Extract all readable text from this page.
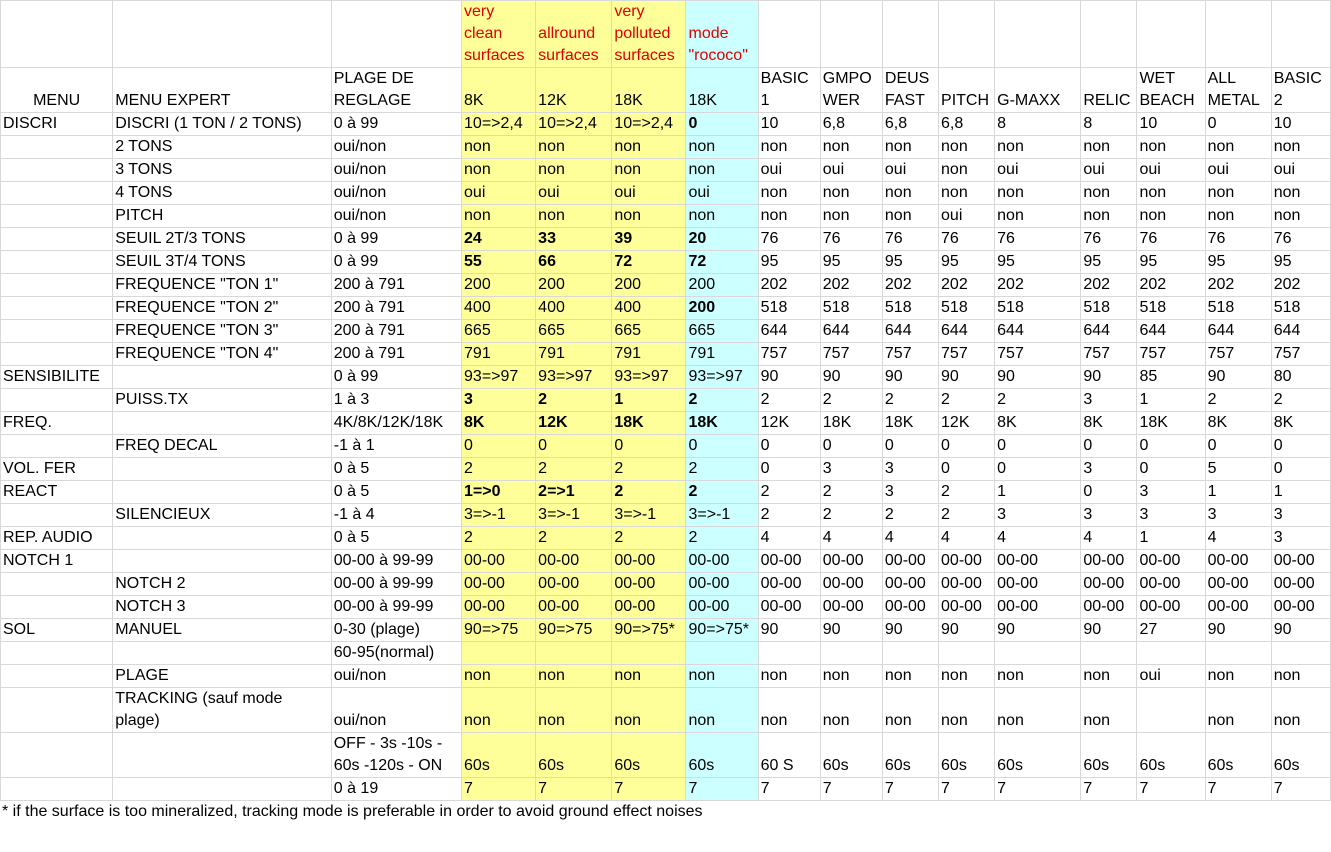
			very clean surfaces	allround surfaces	very polluted surfaces	mode "rococo"									
MENU	MENU EXPERT	PLAGE DE REGLAGE	8K	12K	18K	18K	BASIC 1	GMPO WER	DEUS FAST	PITCH	G-MAXX	RELIC	WET BEACH	ALL METAL	BASIC 2
DISCRI	DISCRI (1 TON / 2 TONS)	0 à 99	10=>2,4	10=>2,4	10=>2,4	0	10	6,8	6,8	6,8	8	8	10	0	10
	2 TONS	oui/non	non	non	non	non	non	non	non	non	non	non	non	non	non
	3 TONS	oui/non	non	non	non	non	oui	oui	oui	non	oui	oui	oui	oui	oui
	4 TONS	oui/non	oui	oui	oui	oui	non	non	non	non	non	non	non	non	non
	PITCH	oui/non	non	non	non	non	non	non	non	oui	non	non	non	non	non
	SEUIL 2T/3 TONS	0 à 99	24	33	39	20	76	76	76	76	76	76	76	76	76
	SEUIL 3T/4 TONS	0 à 99	55	66	72	72	95	95	95	95	95	95	95	95	95
	FREQUENCE "TON 1"	200 à 791	200	200	200	200	202	202	202	202	202	202	202	202	202
	FREQUENCE "TON 2"	200 à 791	400	400	400	200	518	518	518	518	518	518	518	518	518
	FREQUENCE "TON 3"	200 à 791	665	665	665	665	644	644	644	644	644	644	644	644	644
	FREQUENCE "TON 4"	200 à 791	791	791	791	791	757	757	757	757	757	757	757	757	757
SENSIBILITE		0 à 99	93=>97	93=>97	93=>97	93=>97	90	90	90	90	90	90	85	90	80
	PUISS.TX	1 à 3	3	2	1	2	2	2	2	2	2	3	1	2	2
FREQ.		4K/8K/12K/18K	8K	12K	18K	18K	12K	18K	18K	12K	8K	8K	18K	8K	8K
	FREQ DECAL	-1 à 1	0	0	0	0	0	0	0	0	0	0	0	0	0
VOL. FER		0 à 5	2	2	2	2	0	3	3	0	0	3	0	5	0
REACT		0 à 5	1=>0	2=>1	2	2	2	2	3	2	1	0	3	1	1
	SILENCIEUX	-1 à 4	3=>-1	3=>-1	3=>-1	3=>-1	2	2	2	2	3	3	3	3	3
REP. AUDIO		0 à 5	2	2	2	2	4	4	4	4	4	4	1	4	3
NOTCH 1		00-00 à 99-99	00-00	00-00	00-00	00-00	00-00	00-00	00-00	00-00	00-00	00-00	00-00	00-00	00-00
	NOTCH 2	00-00 à 99-99	00-00	00-00	00-00	00-00	00-00	00-00	00-00	00-00	00-00	00-00	00-00	00-00	00-00
	NOTCH 3	00-00 à 99-99	00-00	00-00	00-00	00-00	00-00	00-00	00-00	00-00	00-00	00-00	00-00	00-00	00-00
SOL	MANUEL	0-30 (plage)	90=>75	90=>75	90=>75*	90=>75*	90	90	90	90	90	90	27	90	90
		60-95(normal)													
	PLAGE	oui/non	non	non	non	non	non	non	non	non	non	non	oui	non	non
	TRACKING (sauf mode plage)	oui/non	non	non	non	non	non	non	non	non	non	non		non	non
		OFF - 3s -10s - 60s -120s - ON	60s	60s	60s	60s	60 S	60s	60s	60s	60s	60s	60s	60s	60s
		0 à 19	7	7	7	7	7	7	7	7	7	7	7	7	7
* if the surface is too mineralized, tracking mode is preferable in order to avoid ground effect noises
